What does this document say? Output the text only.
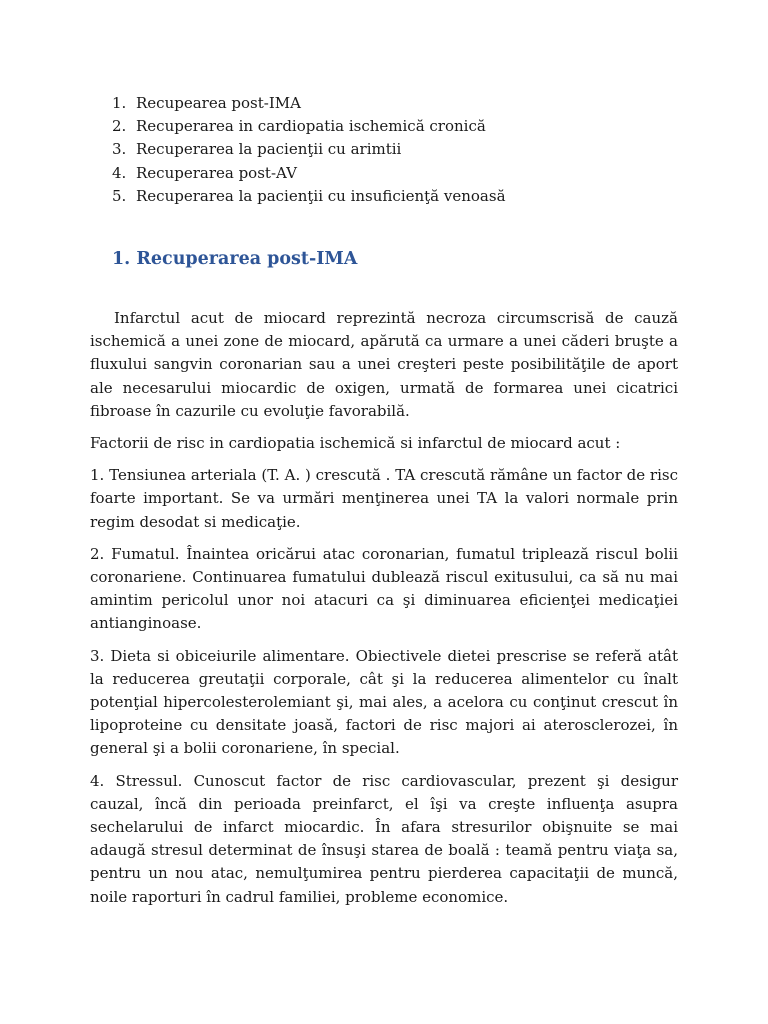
1. Recupearea post-IMA
2. Recuperarea in cardiopatia ischemică cronică
3. Recuperarea la pacienţii cu arimtii
4. Recuperarea post-AV
5. Recuperarea la pacienţii cu insuficienţă venoasă
1. Recuperarea post-IMA

Infarctul acut de miocard reprezintă necroza circumscrisă de cauză ischemică a unei zone de miocard, apărută ca urmare a unei căderi bruşte a fluxului sangvin coronarian sau a unei creşteri peste posibilităţile de aport ale necesarului miocardic de oxigen, urmată de formarea unei cicatrici fibroase în cazurile cu evoluţie favorabilă.

Factorii de risc in cardiopatia ischemică si infarctul de miocard acut :

1. Tensiunea arteriala (T. A. ) crescută . TA crescută rămâne un factor de risc foarte important. Se va urmări menţinerea unei TA la valori normale prin regim desodat si medicaţie.

2. Fumatul. Înaintea oricărui atac coronarian, fumatul triplează riscul bolii coronariene. Continuarea fumatului dublează riscul exitusului, ca să nu mai amintim pericolul unor noi atacuri ca şi diminuarea eficienţei medicaţiei antianginoase.

3. Dieta si obiceiurile alimentare. Obiectivele dietei prescrise se referă atât la reducerea greutaţii corporale, cât şi la reducerea alimentelor cu înalt potenţial hipercolesterolemiant şi, mai ales, a acelora cu conţinut crescut în lipoproteine cu densitate joasă, factori de risc majori ai aterosclerozei, în general şi a bolii coronariene, în special.

4. Stressul. Cunoscut factor de risc cardiovascular, prezent şi desigur cauzal, încă din perioada preinfarct, el îşi va creşte influenţa asupra sechelarului de infarct miocardic. În afara stresurilor obişnuite se mai adaugă stresul determinat de însuşi starea de boală : teamă pentru viaţa sa, pentru un nou atac, nemulţumirea pentru pierderea capacitaţii de muncă, noile raporturi în cadrul familiei, probleme economice.
